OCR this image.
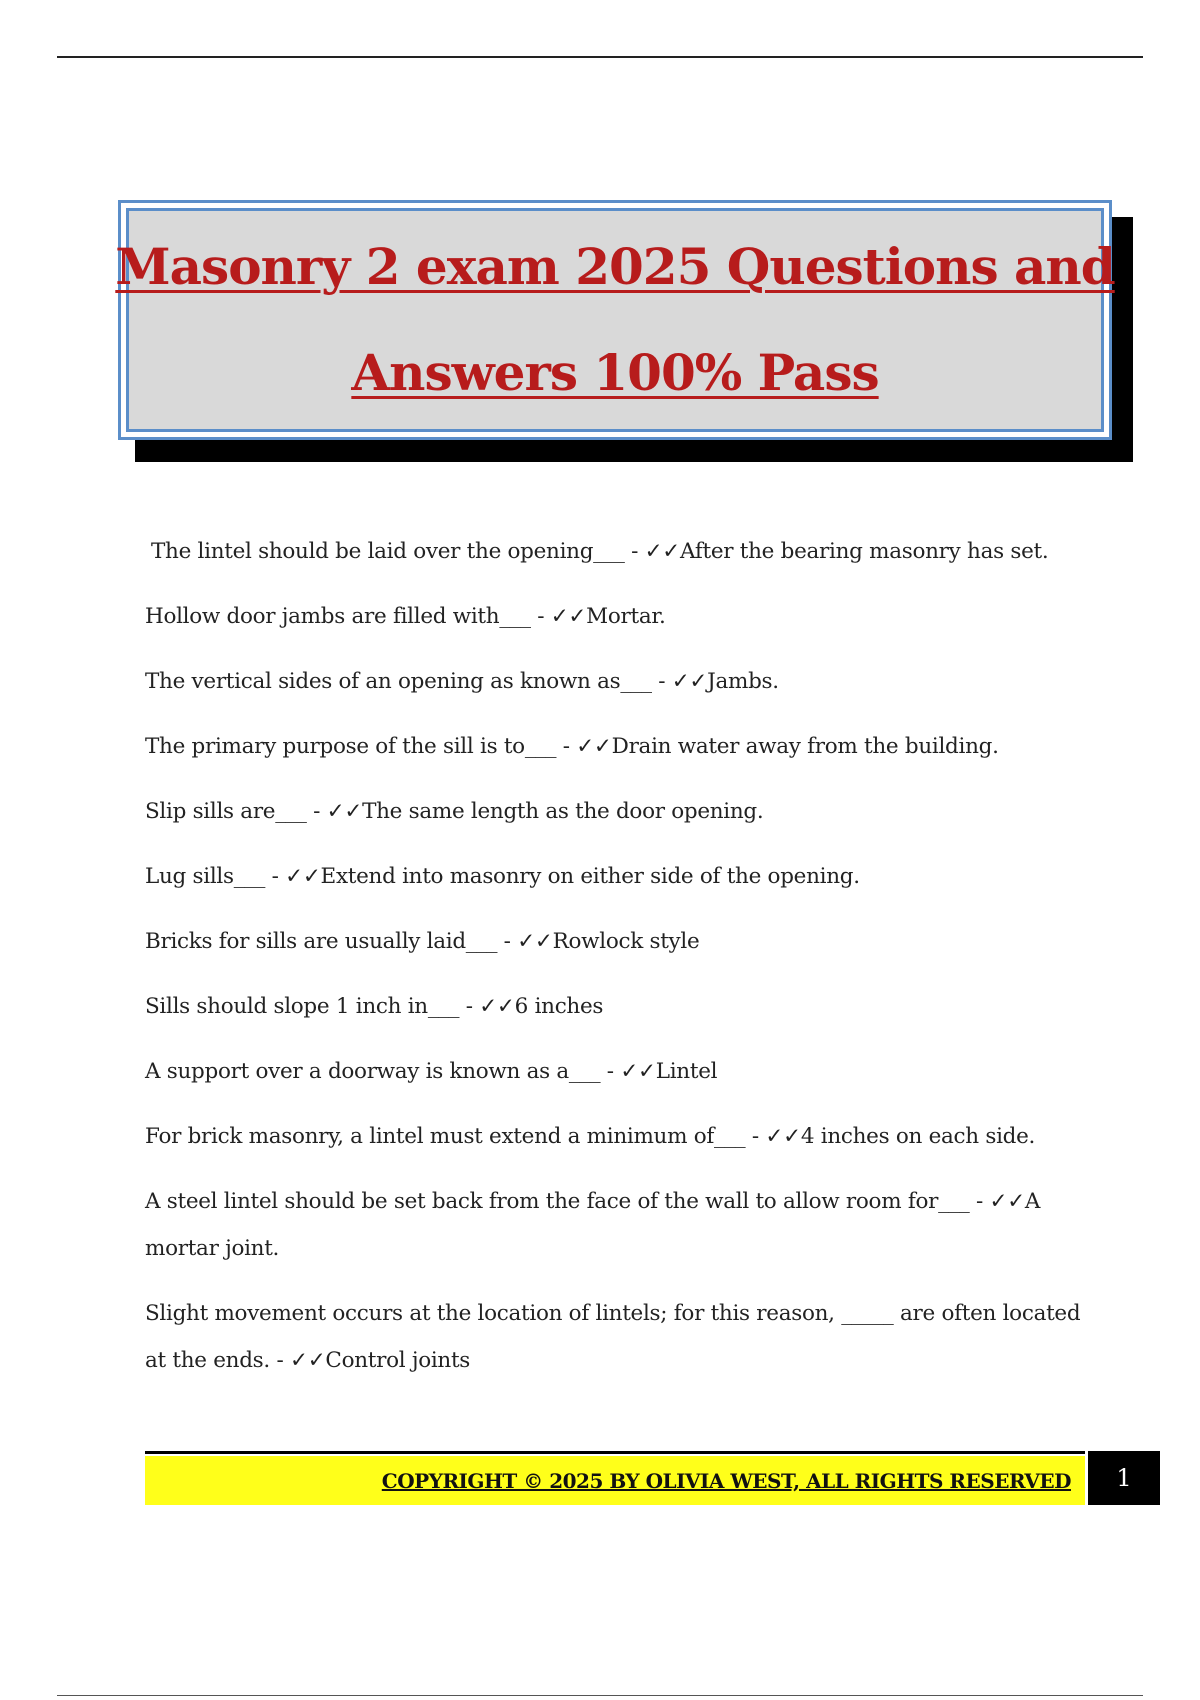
Masonry 2 exam 2025 Questions and
Answers 100% Pass
The lintel should be laid over the opening___ - ✓✓After the bearing masonry has set.
Hollow door jambs are filled with___ - ✓✓Mortar.
The vertical sides of an opening as known as___ - ✓✓Jambs.
The primary purpose of the sill is to___ - ✓✓Drain water away from the building.
Slip sills are___ - ✓✓The same length as the door opening.
Lug sills___ - ✓✓Extend into masonry on either side of the opening.
Bricks for sills are usually laid___ - ✓✓Rowlock style
Sills should slope 1 inch in___ - ✓✓6 inches
A support over a doorway is known as a___ - ✓✓Lintel
For brick masonry, a lintel must extend a minimum of___ - ✓✓4 inches on each side.
A steel lintel should be set back from the face of the wall to allow room for___ - ✓✓A mortar joint.
Slight movement occurs at the location of lintels; for this reason, _____ are often located at the ends. - ✓✓Control joints
COPYRIGHT © 2025 BY OLIVIA WEST, ALL RIGHTS RESERVED	1
